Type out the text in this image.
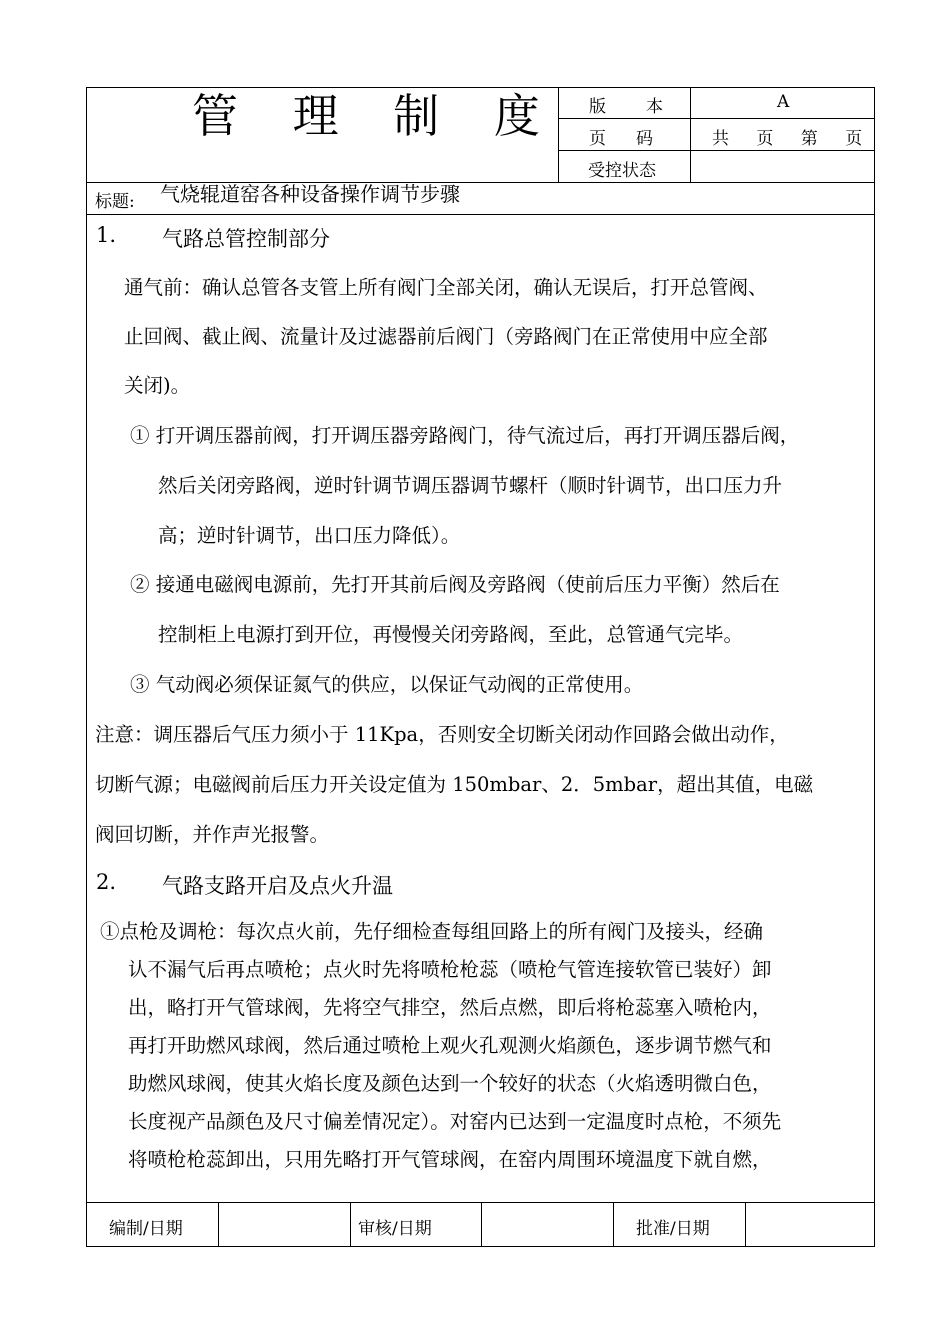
管 理 制 度 版本	A
页码 共 页 第 页
受控状态
标题: 气烧辊道窑各种设备操作调节步骤
1. 气路总管控制部分
通气前：确认总管各支管上所有阀门全部关闭，确认无误后，打开总管阀、
止回阀、截止阀、流量计及过滤器前后阀门（旁路阀门在正常使用中应全部
关闭)。
① 打开调压器前阀，打开调压器旁路阀门，待气流过后，再打开调压器后阀，
然后关闭旁路阀，逆时针调节调压器调节螺杆（顺时针调节，出口压力升
高；逆时针调节，出口压力降低）。
② 接通电磁阀电源前，先打开其前后阀及旁路阀（使前后压力平衡）然后在
控制柜上电源打到开位，再慢慢关闭旁路阀，至此，总管通气完毕。
③ 气动阀必须保证氮气的供应，以保证气动阀的正常使用。
注意：调压器后气压力须小于 11Kpa，否则安全切断关闭动作回路会做出动作，
切断气源；电磁阀前后压力开关设定值为 150mbar、2．5mbar，超出其值，电磁
阀回切断，并作声光报警。
2. 气路支路开启及点火升温
①点枪及调枪：每次点火前，先仔细检查每组回路上的所有阀门及接头，经确
认不漏气后再点喷枪；点火时先将喷枪枪蕊（喷枪气管连接软管已装好）卸
出，略打开气管球阀，先将空气排空，然后点燃，即后将枪蕊塞入喷枪内，
再打开助燃风球阀，然后通过喷枪上观火孔观测火焰颜色，逐步调节燃气和
助燃风球阀，使其火焰长度及颜色达到一个较好的状态（火焰透明微白色，
长度视产品颜色及尺寸偏差情况定）。对窑内已达到一定温度时点枪，不须先
将喷枪枪蕊卸出，只用先略打开气管球阀，在窑内周围环境温度下就自燃，
编制/日期	审核/日期	批准/日期
